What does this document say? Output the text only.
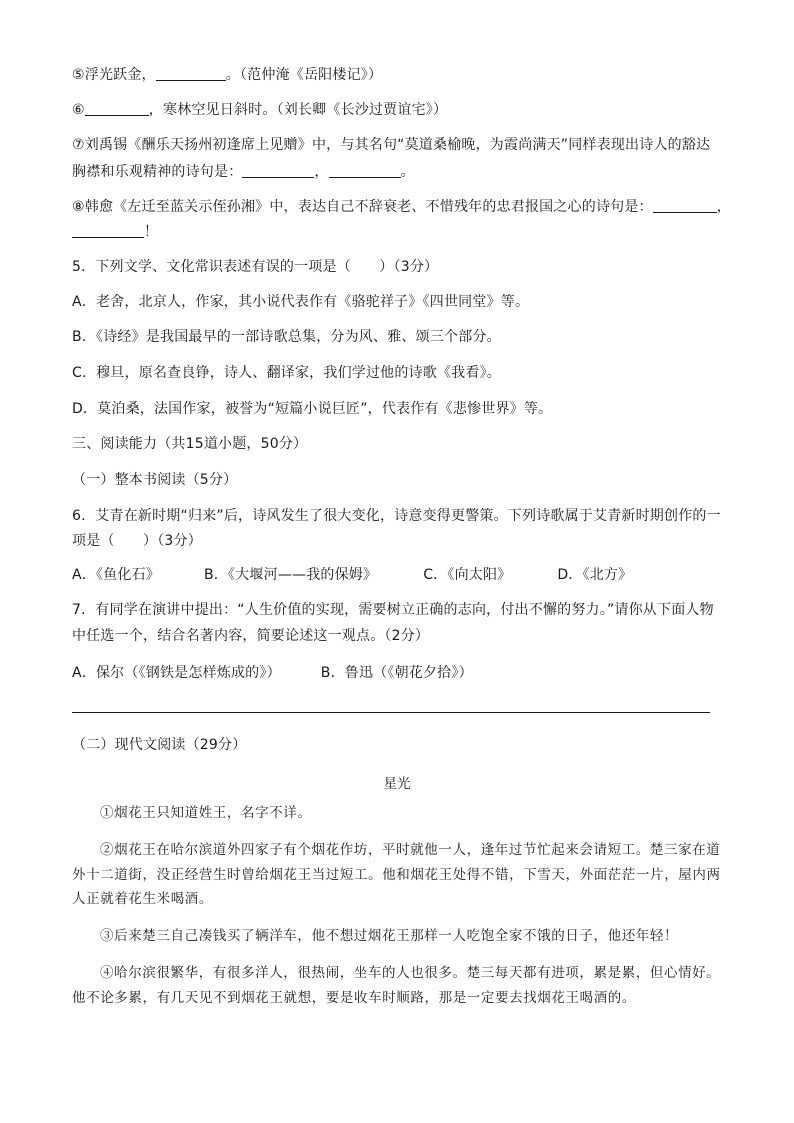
⑤浮光跃金，	。（范仲淹《岳阳楼记》）
⑥	，寒林空见日斜时。（刘长卿《长沙过贾谊宅》）
⑦刘禹锡《酬乐天扬州初逢席上见赠》中，与其名句“莫道桑榆晚，为霞尚满天”同样表现出诗人的豁达
胸襟和乐观精神的诗句是：	，	。
⑧韩愈《左迁至蓝关示侄孙湘》中，表达自己不辞衰老、不惜残年的忠君报国之心的诗句是：	，
！
5．下列文学、文化常识表述有误的一项是（　　）（3分）
A．老舍，北京人，作家，其小说代表作有《骆驼祥子》《四世同堂》等。
B．《诗经》是我国最早的一部诗歌总集，分为风、雅、颂三个部分。
C．穆旦，原名查良铮，诗人、翻译家，我们学过他的诗歌《我看》。
D．莫泊桑，法国作家，被誉为“短篇小说巨匠”，代表作有《悲惨世界》等。
三、阅读能力（共15道小题，50分）
（一）整本书阅读（5分）
6．艾青在新时期“归来”后，诗风发生了很大变化，诗意变得更警策。下列诗歌属于艾青新时期创作的一
项是（　　）（3分）
A．《鱼化石》	B．《大堰河——我的保姆》	C．《向太阳》	D．《北方》
7．有同学在演讲中提出：“人生价值的实现，需要树立正确的志向，付出不懈的努力。”请你从下面人物
中任选一个，结合名著内容，简要论述这一观点。（2分）
A．保尔（《钢铁是怎样炼成的》）	B．鲁迅（《朝花夕拾》）
（二）现代文阅读（29分）
星光
①烟花王只知道姓王，名字不详。
②烟花王在哈尔滨道外四家子有个烟花作坊，平时就他一人，逢年过节忙起来会请短工。楚三家在道
外十二道街，没正经营生时曾给烟花王当过短工。他和烟花王处得不错，下雪天，外面茫茫一片，屋内两
人正就着花生米喝酒。
③后来楚三自己凑钱买了辆洋车，他不想过烟花王那样一人吃饱全家不饿的日子，他还年轻！
④哈尔滨很繁华，有很多洋人，很热闹，坐车的人也很多。楚三每天都有进项，累是累，但心情好。
他不论多累，有几天见不到烟花王就想，要是收车时顺路，那是一定要去找烟花王喝酒的。
